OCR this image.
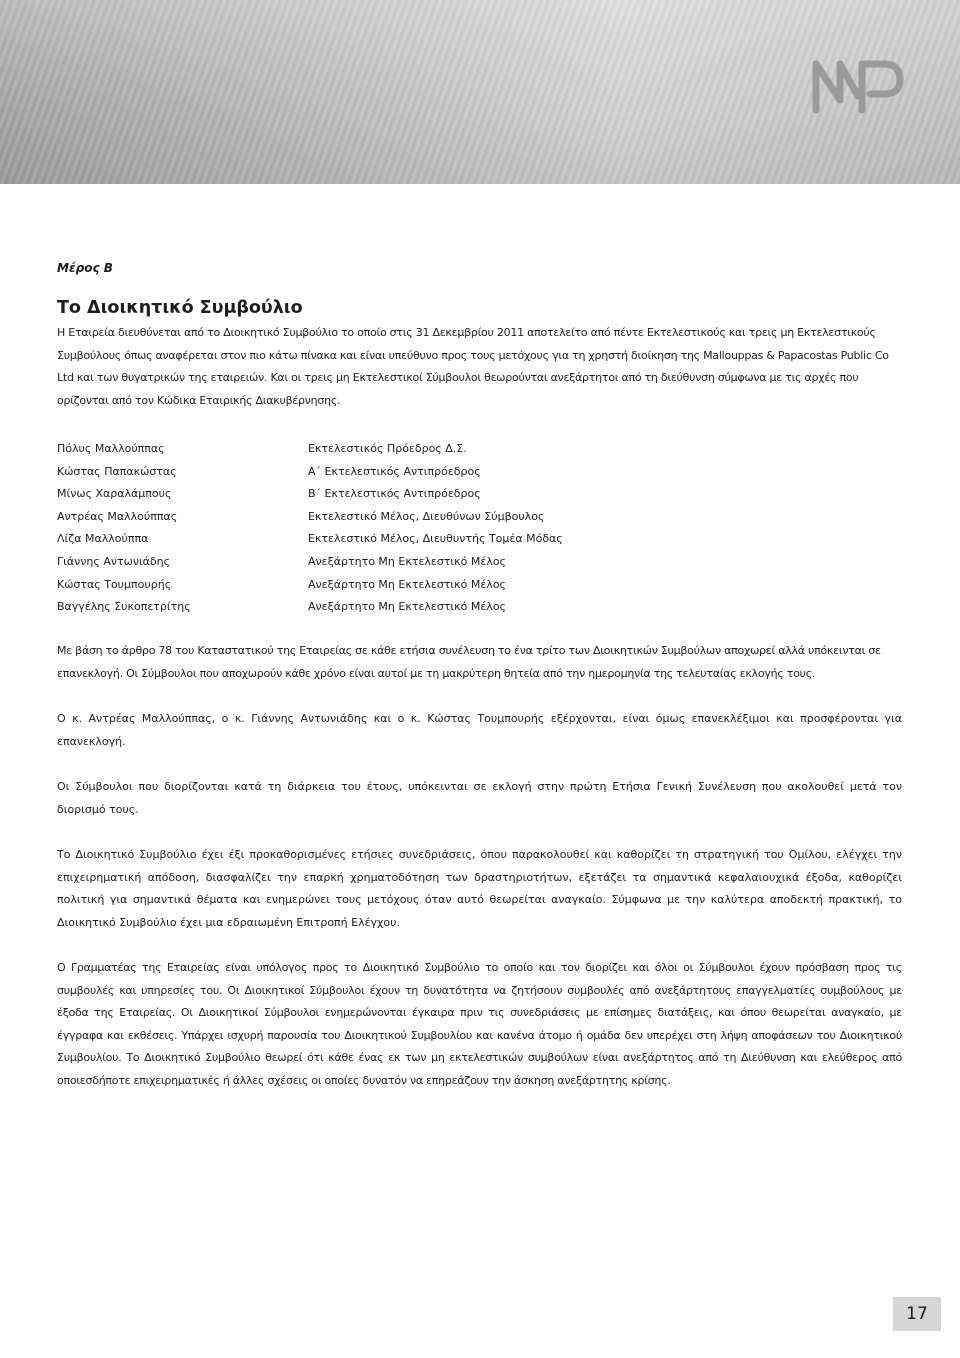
Μέρος Β
Το Διοικητικό Συμβούλιο

Η Εταιρεία διευθύνεται από το Διοικητικό Συμβούλιο το οποίο στις 31 Δεκεμβρίου 2011 αποτελείτο από πέντε Εκτελεστικούς και τρεις μη Εκτελεστικούς Συμβούλους όπως αναφέρεται στον πιο κάτω πίνακα και είναι υπεύθυνο προς τους μετόχους για τη χρηστή διοίκηση της Mallouppas & Papacostas Public Co Ltd και των θυγατρικών της εταιρειών. Και οι τρεις μη Εκτελεστικοί Σύμβουλοι θεωρούνται ανεξάρτητοι από τη διεύθυνση σύμφωνα με τις αρχές που ορίζονται από τον Κώδικα Εταιρικής Διακυβέρνησης.

Πόλυς Μαλλούππας	Εκτελεστικός Πρόεδρος Δ.Σ.
Κώστας Παπακώστας	Α΄ Εκτελεστικός Αντιπρόεδρος
Μίνως Χαραλάμπους	Β΄ Εκτελεστικός Αντιπρόεδρος
Αντρέας Μαλλούππας	Εκτελεστικό Μέλος, Διευθύνων Σύμβουλος
Λίζα Μαλλούππα	Εκτελεστικό Μέλος, Διευθυντής Τομέα Μόδας
Γιάννης Αντωνιάδης	Ανεξάρτητο Μη Εκτελεστικό Μέλος
Κώστας Τουμπουρής	Ανεξάρτητο Μη Εκτελεστικό Μέλος
Βαγγέλης Συκοπετρίτης	Ανεξάρτητο Μη Εκτελεστικό Μέλος

Με βάση το άρθρο 78 του Καταστατικού της Εταιρείας σε κάθε ετήσια συνέλευση το ένα τρίτο των Διοικητικών Συμβούλων αποχωρεί αλλά υπόκεινται σε επανεκλογή. Οι Σύμβουλοι που αποχωρούν κάθε χρόνο είναι αυτοί με τη μακρύτερη θητεία από την ημερομηνία της τελευταίας εκλογής τους.

Ο κ. Αντρέας Μαλλούππας, ο κ. Γιάννης Αντωνιάδης και ο κ. Κώστας Τουμπουρής εξέρχονται, είναι όμως επανεκλέξιμοι και προσφέρονται για επανεκλογή.

Οι Σύμβουλοι που διορίζονται κατά τη διάρκεια του έτους, υπόκεινται σε εκλογή στην πρώτη Ετήσια Γενική Συνέλευση που ακολουθεί μετά τον διορισμό τους.

Το Διοικητικό Συμβούλιο έχει έξι προκαθορισμένες ετήσιες συνεδριάσεις, όπου παρακολουθεί και καθορίζει τη στρατηγική του Ομίλου, ελέγχει την επιχειρηματική απόδοση, διασφαλίζει την επαρκή χρηματοδότηση των δραστηριοτήτων, εξετάζει τα σημαντικά κεφαλαιουχικά έξοδα, καθορίζει πολιτική για σημαντικά θέματα και ενημερώνει τους μετόχους όταν αυτό θεωρείται αναγκαίο. Σύμφωνα με την καλύτερα αποδεκτή πρακτική, το Διοικητικό Συμβούλιο έχει μια εδραιωμένη Επιτροπή Ελέγχου.

Ο Γραμματέας της Εταιρείας είναι υπόλογος προς το Διοικητικό Συμβούλιο το οποίο και τον διορίζει και όλοι οι Σύμβουλοι έχουν πρόσβαση προς τις συμβουλές και υπηρεσίες του. Οι Διοικητικοί Σύμβουλοι έχουν τη δυνατότητα να ζητήσουν συμβουλές από ανεξάρτητους επαγγελματίες συμβούλους με έξοδα της Εταιρείας. Οι Διοικητικοί Σύμβουλοι ενημερώνονται έγκαιρα πριν τις συνεδριάσεις με επίσημες διατάξεις, και όπου θεωρείται αναγκαίο, με έγγραφα και εκθέσεις. Υπάρχει ισχυρή παρουσία του Διοικητικού Συμβουλίου και κανένα άτομο ή ομάδα δεν υπερέχει στη λήψη αποφάσεων του Διοικητικού Συμβουλίου. Το Διοικητικό Συμβούλιο θεωρεί ότι κάθε ένας εκ των μη εκτελεστικών συμβούλων είναι ανεξάρτητος από τη Διεύθυνση και ελεύθερος από οποιεσδήποτε επιχειρηματικές ή άλλες σχέσεις οι οποίες δυνατόν να επηρεάζουν την άσκηση ανεξάρτητης κρίσης.

17
